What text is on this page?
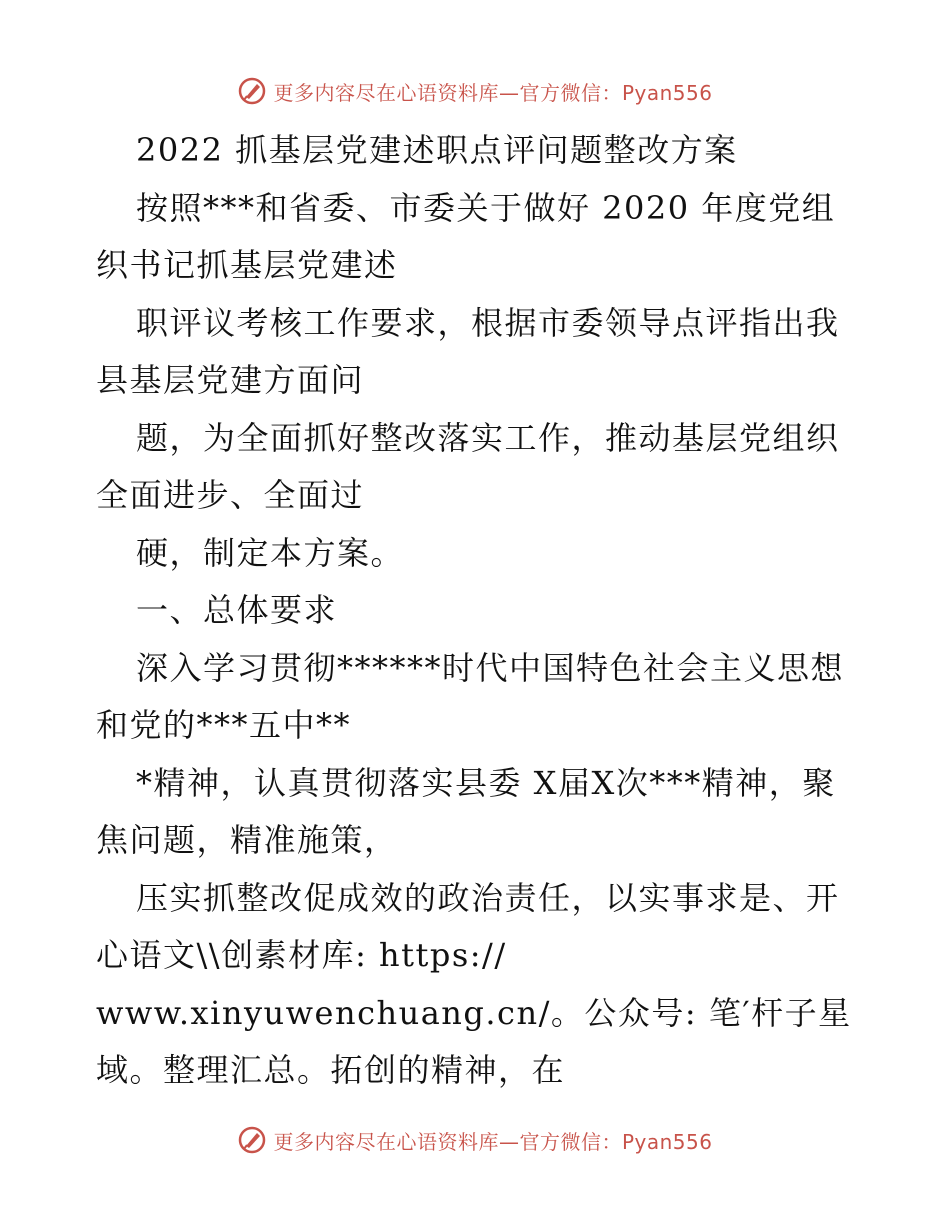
更多内容尽在心语资料库—官方微信：Pyan556
2022 抓基层党建述职点评问题整改方案
按照***和省委、市委关于做好 2020 年度党组
织书记抓基层党建述
职评议考核工作要求，根据市委领导点评指出我
县基层党建方面问
题，为全面抓好整改落实工作，推动基层党组织
全面进步、全面过
硬，制定本方案。
一、总体要求
深入学习贯彻******时代中国特色社会主义思想
和党的***五中**
*精神，认真贯彻落实县委 X届X次***精神，聚
焦问题，精准施策，
压实抓整改促成效的政治责任，以实事求是、开
心语文\\创素材库: https://
www.xinyuwenchuang.cn/。公众号: 笔′杆子星
域。整理汇总。拓创的精神，在
更多内容尽在心语资料库—官方微信：Pyan556
